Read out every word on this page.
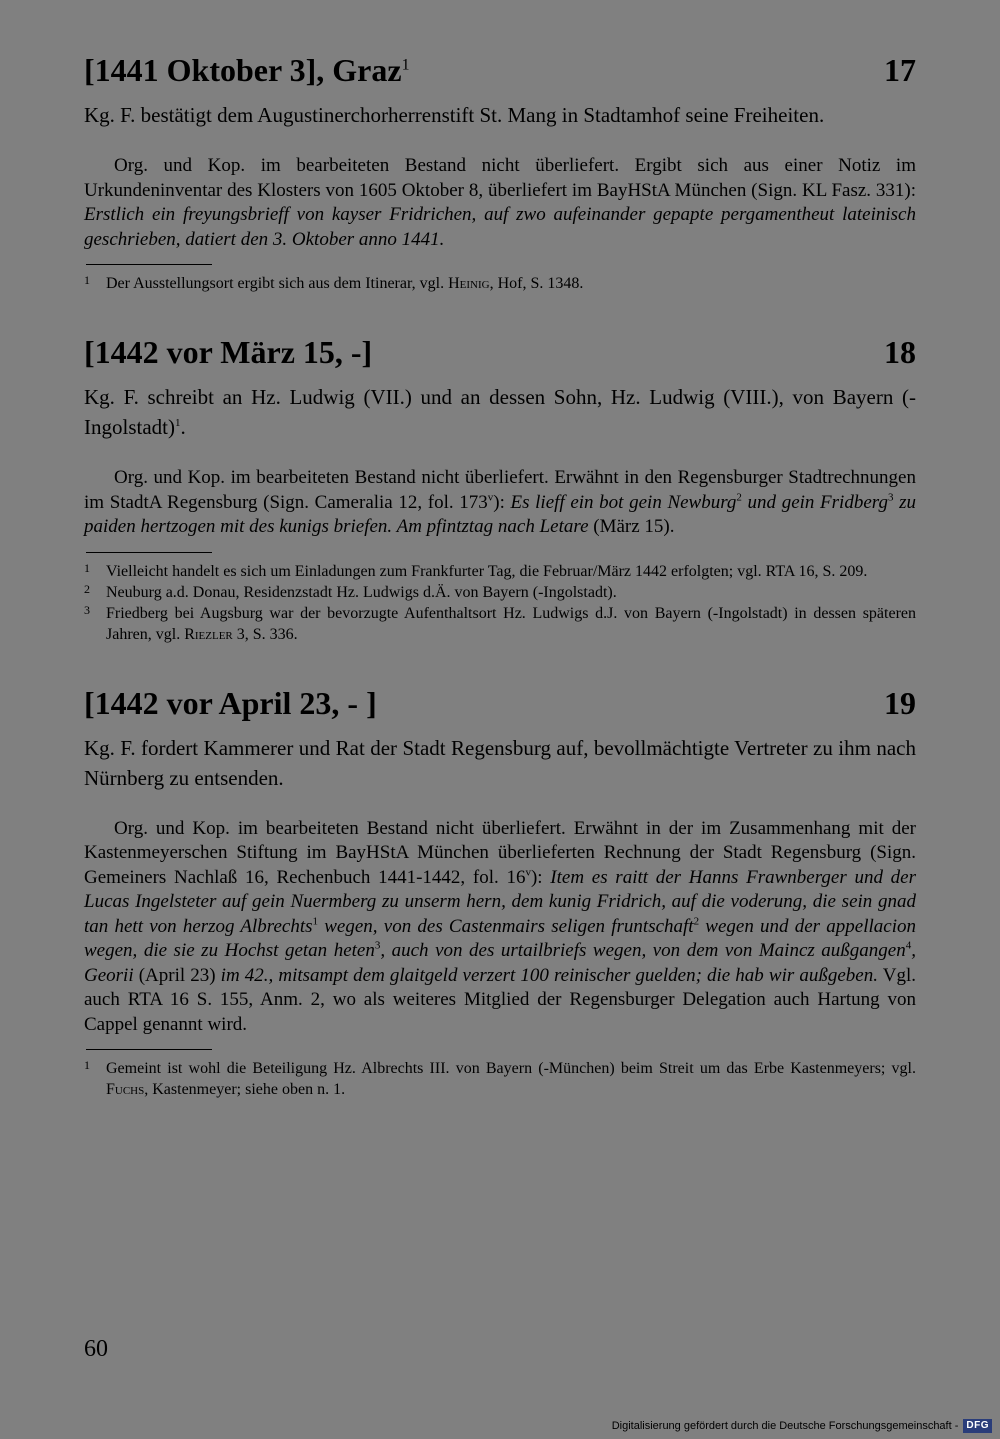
[1441 Oktober 3], Graz$^1$	17

Kg. F. bestätigt dem Augustinerchorherrenstift St. Mang in Stadtamhof seine Freiheiten.

Org. und Kop. im bearbeiteten Bestand nicht überliefert. Ergibt sich aus einer Notiz im Urkundeninventar des Klosters von 1605 Oktober 8, überliefert im BayHStA München (Sign. KL Fasz. 331): Erstlich ein freyungsbrieff von kayser Fridrichen, auf zwo aufeinander gepapte pergamentheut lateinisch geschrieben, datiert den 3. Oktober anno 1441.

1	Der Ausstellungsort ergibt sich aus dem Itinerar, vgl. Heinig, Hof, S. 1348.
[1442 vor März 15, -]	18

Kg. F. schreibt an Hz. Ludwig (VII.) und an dessen Sohn, Hz. Ludwig (VIII.), von Bayern (-Ingolstadt)$^1$.

Org. und Kop. im bearbeiteten Bestand nicht überliefert. Erwähnt in den Regensburger Stadtrechnungen im StadtA Regensburg (Sign. Cameralia 12, fol. 173$^v$): Es lieff ein bot gein Newburg$^2$ und gein Fridberg$^3$ zu paiden hertzogen mit des kunigs briefen. Am pfintztag nach Letare (März 15).

1	Vielleicht handelt es sich um Einladungen zum Frankfurter Tag, die Februar/März 1442 erfolgten; vgl. RTA 16, S. 209.
2	Neuburg a.d. Donau, Residenzstadt Hz. Ludwigs d.Ä. von Bayern (-Ingolstadt).
3	Friedberg bei Augsburg war der bevorzugte Aufenthaltsort Hz. Ludwigs d.J. von Bayern (-Ingolstadt) in dessen späteren Jahren, vgl. Riezler 3, S. 336.
[1442 vor April 23, - ]	19

Kg. F. fordert Kammerer und Rat der Stadt Regensburg auf, bevollmächtigte Vertreter zu ihm nach Nürnberg zu entsenden.

Org. und Kop. im bearbeiteten Bestand nicht überliefert. Erwähnt in der im Zusammenhang mit der Kastenmeyerschen Stiftung im BayHStA München überlieferten Rechnung der Stadt Regensburg (Sign. Gemeiners Nachlaß 16, Rechenbuch 1441-1442, fol. 16$^v$): Item es raitt der Hanns Frawnberger und der Lucas Ingelsteter auf gein Nuermberg zu unserm hern, dem kunig Fridrich, auf die voderung, die sein gnad tan hett von herzog Albrechts$^1$ wegen, von des Castenmairs seligen fruntschaft$^2$ wegen und der appellacion wegen, die sie zu Hochst getan heten$^3$, auch von des urtailbriefs wegen, von dem von Maincz außgangen$^4$, Georii (April 23) im 42., mitsampt dem glaitgeld verzert 100 reinischer guelden; die hab wir außgeben. Vgl. auch RTA 16 S. 155, Anm. 2, wo als weiteres Mitglied der Regensburger Delegation auch Hartung von Cappel genannt wird.

1	Gemeint ist wohl die Beteiligung Hz. Albrechts III. von Bayern (-München) beim Streit um das Erbe Kastenmeyers; vgl. Fuchs, Kastenmeyer; siehe oben n. 1.
60
Digitalisierung gefördert durch die Deutsche Forschungsgemeinschaft - DFG
